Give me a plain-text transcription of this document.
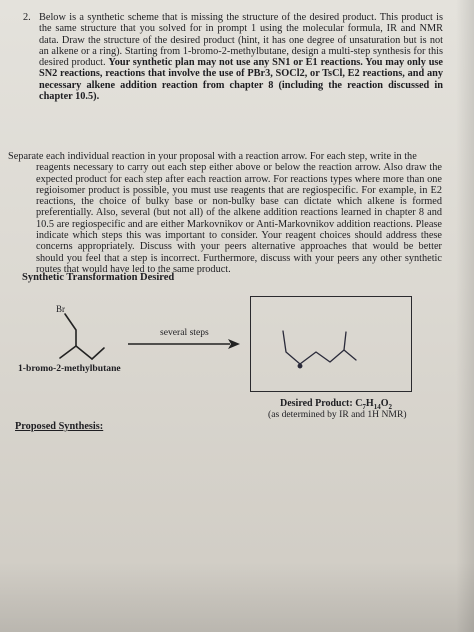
2. Below is a synthetic scheme that is missing the structure of the desired product. This product is the same structure that you solved for in prompt 1 using the molecular formula, IR and NMR data. Draw the structure of the desired product (hint, it has one degree of unsaturation but is not an alkene or a ring). Starting from 1-bromo-2-methylbutane, design a multi-step synthesis for this desired product. Your synthetic plan may not use any SN1 or E1 reactions. You may only use SN2 reactions, reactions that involve the use of PBr3, SOCl2, or TsCl, E2 reactions, and any necessary alkene addition reaction from chapter 8 (including the reaction discussed in chapter 10.5).
Separate each individual reaction in your proposal with a reaction arrow. For each step, write in the
reagents necessary to carry out each step either above or below the reaction arrow. Also draw the expected product for each step after each reaction arrow. For reactions types where more than one regioisomer product is possible, you must use reagents that are regiospecific. For example, in E2 reactions, the choice of bulky base or non-bulky base can dictate which alkene is formed preferentially. Also, several (but not all) of the alkene addition reactions learned in chapter 8 and 10.5 are regiospecific and are either Markovnikov or Anti-Markovnikov addition reactions. Please indicate which steps this was important to consider. Your reagent choices should address these concerns appropriately. Discuss with your peers alternative approaches that would be better should you feel that a step is incorrect. Furthermore, discuss with your peers any other synthetic routes that would have led to the same product.
Synthetic Transformation Desired
Br
1-bromo-2-methylbutane
several steps
Desired Product: $C_7H_{14}O_2$
(as determined by IR and 1H NMR)
Proposed Synthesis:
